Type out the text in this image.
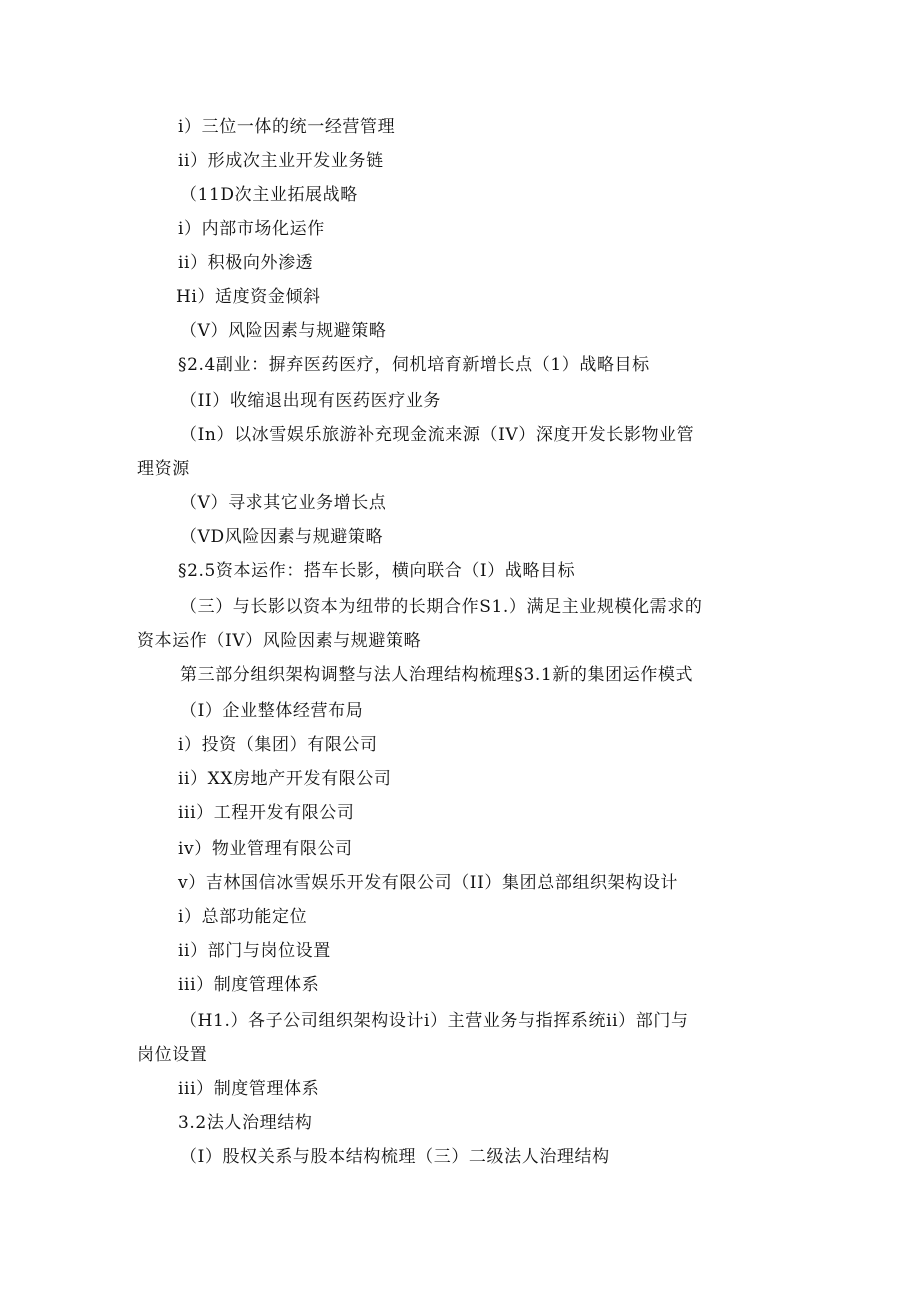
i）三位一体的统一经营管理
ii）形成次主业开发业务链
（11D次主业拓展战略
i）内部市场化运作
ii）积极向外渗透
Hi）适度资金倾斜
（V）风险因素与规避策略
§2.4副业：摒弃医药医疗，伺机培育新增长点（1）战略目标
（II）收缩退出现有医药医疗业务
（In）以冰雪娱乐旅游补充现金流来源（IV）深度开发长影物业管
理资源
（V）寻求其它业务增长点
（VD风险因素与规避策略
§2.5资本运作：搭车长影，横向联合（I）战略目标
（三）与长影以资本为纽带的长期合作S1.）满足主业规模化需求的
资本运作（IV）风险因素与规避策略
第三部分组织架构调整与法人治理结构梳理§3.1新的集团运作模式
（I）企业整体经营布局
i）投资（集团）有限公司
ii）XX房地产开发有限公司
iii）工程开发有限公司
iv）物业管理有限公司
v）吉林国信冰雪娱乐开发有限公司（II）集团总部组织架构设计
i）总部功能定位
ii）部门与岗位设置
iii）制度管理体系
（H1.）各子公司组织架构设计i）主营业务与指挥系统ii）部门与
岗位设置
iii）制度管理体系
3.2法人治理结构
（I）股权关系与股本结构梳理（三）二级法人治理结构
